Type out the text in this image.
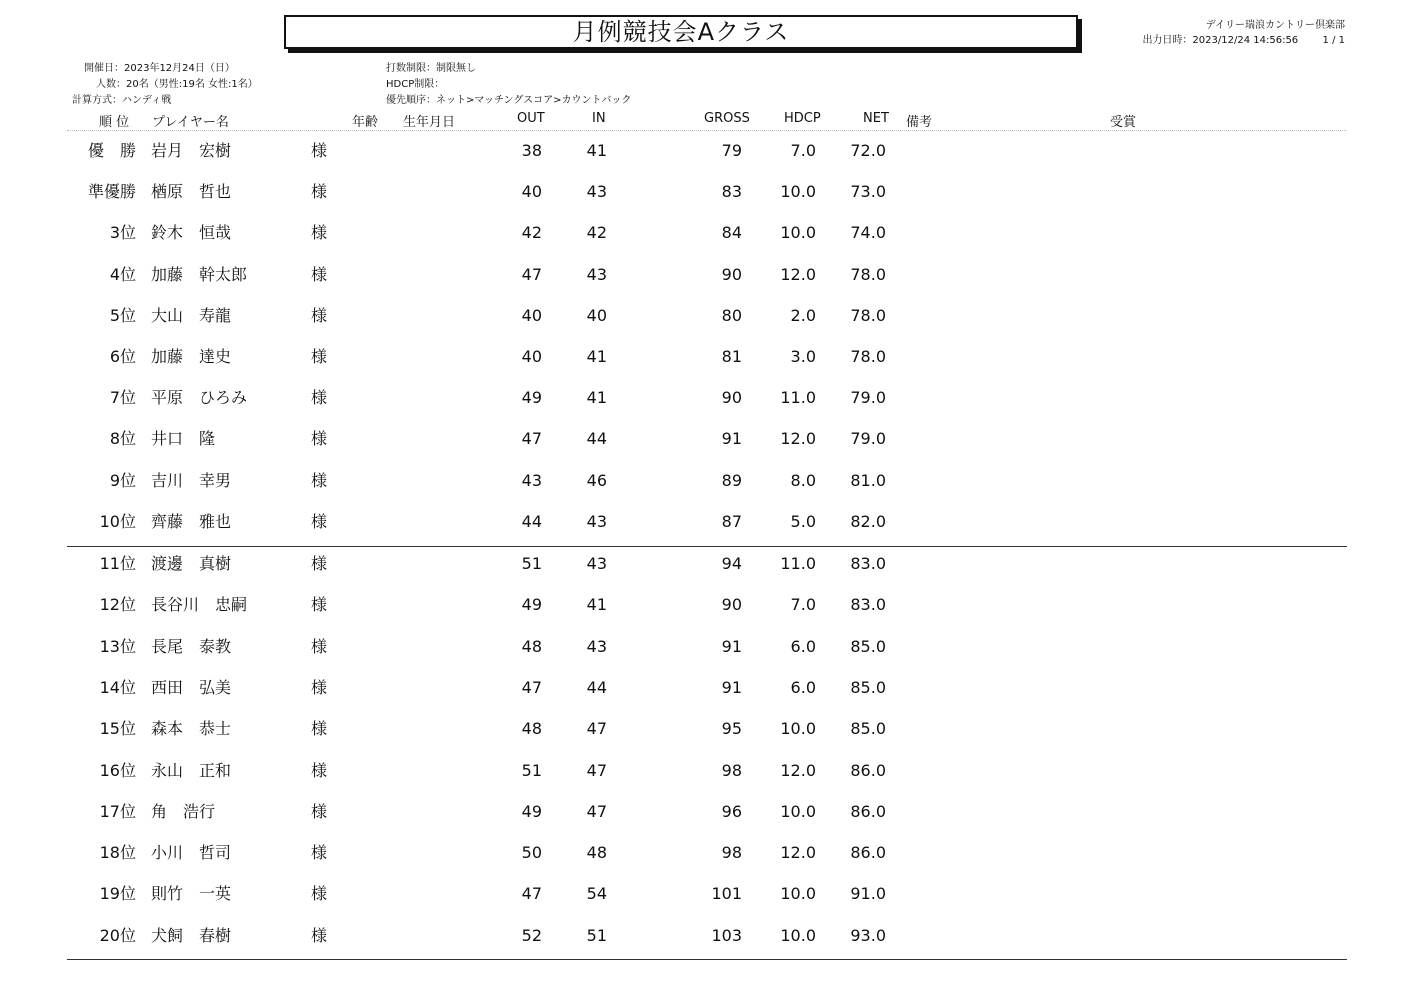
月例競技会Aクラス	デイリー瑞浪カントリー倶楽部
出力日時：2023/12/24 14:56:56 1 / 1
開催日：2023年12月24日（日）
人数：20名（男性:19名 女性:1名）
計算方式：ハンディ戦
打数制限：制限無し
HDCP制限：
優先順序：ネット>マッチングスコア>カウントバック
順 位 プレイヤー名	年齢 生年月日	OUT	IN	GROSS	HDCP	NET 備考	受賞
優　勝 岩月　宏樹	様	38	41	79	7.0	72.0
準優勝 楢原　哲也	様	40	43	83	10.0	73.0
3位 鈴木　恒哉	様	42	42	84	10.0	74.0
4位 加藤　幹太郎	様	47	43	90	12.0	78.0
5位 大山　寿龍	様	40	40	80	2.0	78.0
6位 加藤　達史	様	40	41	81	3.0	78.0
7位 平原　ひろみ	様	49	41	90	11.0	79.0
8位 井口　隆	様	47	44	91	12.0	79.0
9位 吉川　幸男	様	43	46	89	8.0	81.0
10位 齊藤　雅也	様	44	43	87	5.0	82.0
11位 渡邊　真樹	様	51	43	94	11.0	83.0
12位 長谷川　忠嗣	様	49	41	90	7.0	83.0
13位 長尾　泰教	様	48	43	91	6.0	85.0
14位 西田　弘美	様	47	44	91	6.0	85.0
15位 森本　恭士	様	48	47	95	10.0	85.0
16位 永山　正和	様	51	47	98	12.0	86.0
17位 角　浩行	様	49	47	96	10.0	86.0
18位 小川　哲司	様	50	48	98	12.0	86.0
19位 則竹　一英	様	47	54	101	10.0	91.0
20位 犬飼　春樹	様	52	51	103	10.0	93.0
